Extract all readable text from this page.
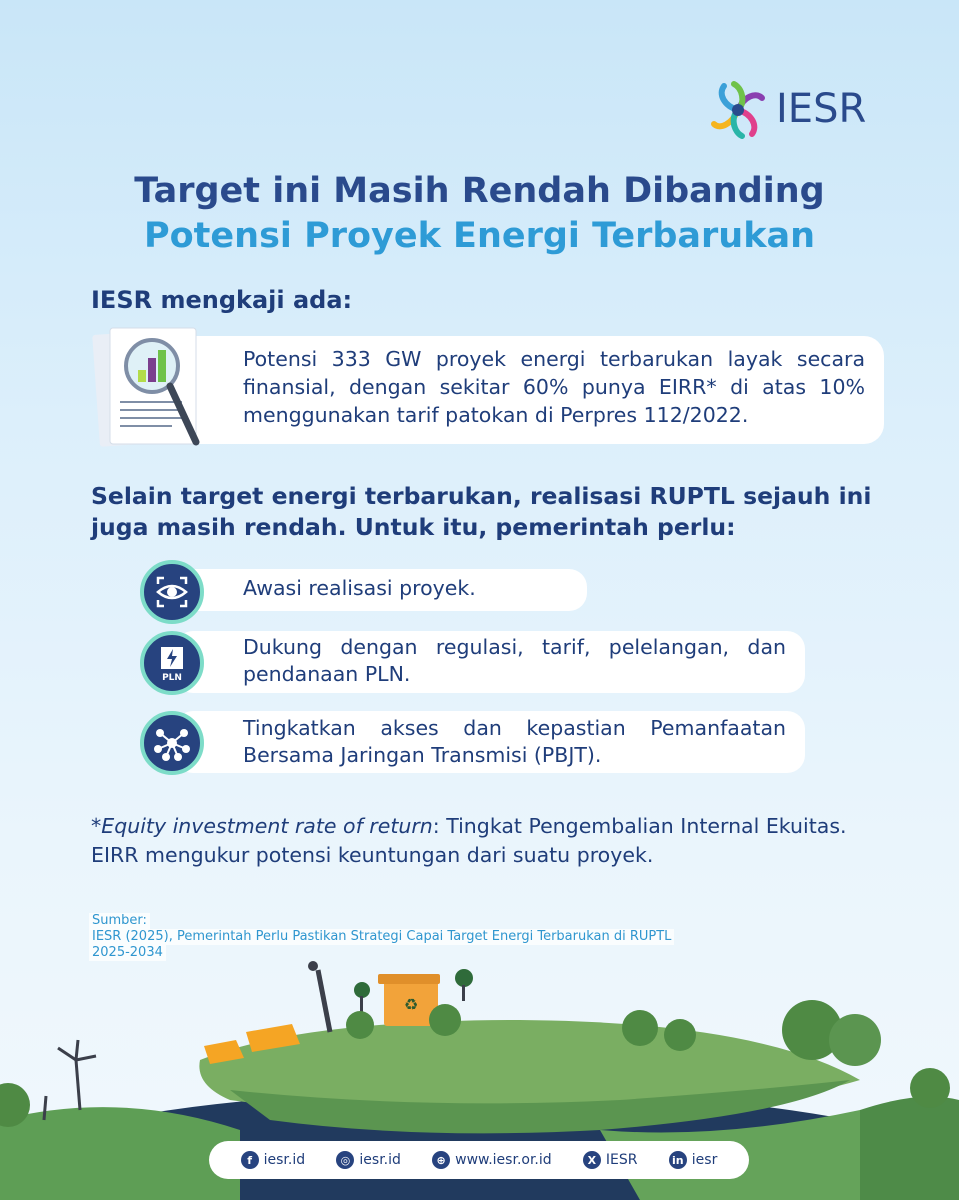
IESR
Target ini Masih Rendah Dibanding
Potensi Proyek Energi Terbarukan
IESR mengkaji ada:
Potensi 333 GW proyek energi terbarukan layak secara finansial, dengan sekitar 60% punya EIRR* di atas 10% menggunakan tarif patokan di Perpres 112/2022.
Selain target energi terbarukan, realisasi RUPTL sejauh ini juga masih rendah. Untuk itu, pemerintah perlu:
PLN
Awasi realisasi proyek.
Dukung dengan regulasi, tarif, pelelangan, dan pendanaan PLN.
Tingkatkan akses dan kepastian Pemanfaatan Bersama Jaringan Transmisi (PBJT).
*Equity investment rate of return: Tingkat Pengembalian Internal Ekuitas. EIRR mengukur potensi keuntungan dari suatu proyek.
Sumber:
IESR (2025), Pemerintah Perlu Pastikan Strategi Capai Target Energi Terbarukan di RUPTL
2025-2034
♻
f iesr.id	◎ iesr.id	⊕ www.iesr.or.id	X IESR	in iesr
